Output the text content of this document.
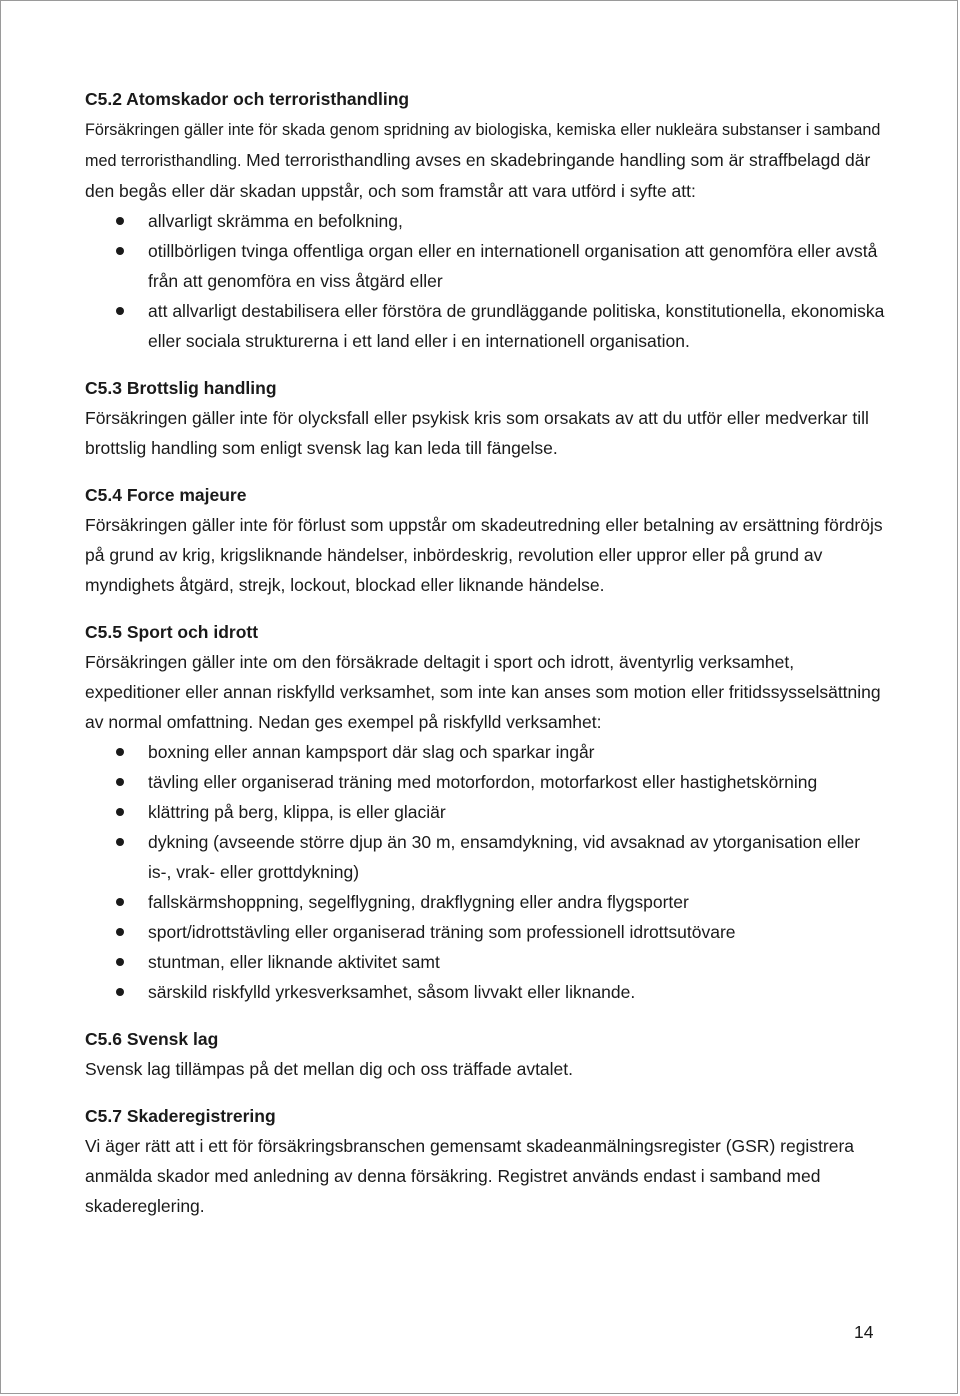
C5.2 Atomskador och terroristhandling
Försäkringen gäller inte för skada genom spridning av biologiska, kemiska eller nukleära substanser i samband med terroristhandling. Med terroristhandling avses en skadebringande handling som är straffbelagd där den begås eller där skadan uppstår, och som framstår att vara utförd i syfte att:
allvarligt skrämma en befolkning,
otillbörligen tvinga offentliga organ eller en internationell organisation att genomföra eller avstå från att genomföra en viss åtgärd eller
att allvarligt destabilisera eller förstöra de grundläggande politiska, konstitutionella, ekonomiska eller sociala strukturerna i ett land eller i en internationell organisation.
C5.3 Brottslig handling
Försäkringen gäller inte för olycksfall eller psykisk kris som orsakats av att du utför eller medverkar till brottslig handling som enligt svensk lag kan leda till fängelse.
C5.4 Force majeure
Försäkringen gäller inte för förlust som uppstår om skadeutredning eller betalning av ersättning fördröjs på grund av krig, krigsliknande händelser, inbördeskrig, revolution eller uppror eller på grund av myndighets åtgärd, strejk, lockout, blockad eller liknande händelse.
C5.5 Sport och idrott
Försäkringen gäller inte om den försäkrade deltagit i sport och idrott, äventyrlig verksamhet, expeditioner eller annan riskfylld verksamhet, som inte kan anses som motion eller fritidssysselsättning av normal omfattning. Nedan ges exempel på riskfylld verksamhet:
boxning eller annan kampsport där slag och sparkar ingår
tävling eller organiserad träning med motorfordon, motorfarkost eller hastighetskörning
klättring på berg, klippa, is eller glaciär
dykning (avseende större djup än 30 m, ensamdykning, vid avsaknad av ytorganisation eller is-, vrak- eller grottdykning)
fallskärmshoppning, segelflygning, drakflygning eller andra flygsporter
sport/idrottstävling eller organiserad träning som professionell idrottsutövare
stuntman, eller liknande aktivitet samt
särskild riskfylld yrkesverksamhet, såsom livvakt eller liknande.
C5.6 Svensk lag
Svensk lag tillämpas på det mellan dig och oss träffade avtalet.
C5.7 Skaderegistrering
Vi äger rätt att i ett för försäkringsbranschen gemensamt skadeanmälningsregister (GSR) registrera anmälda skador med anledning av denna försäkring. Registret används endast i samband med skadereglering.
14
